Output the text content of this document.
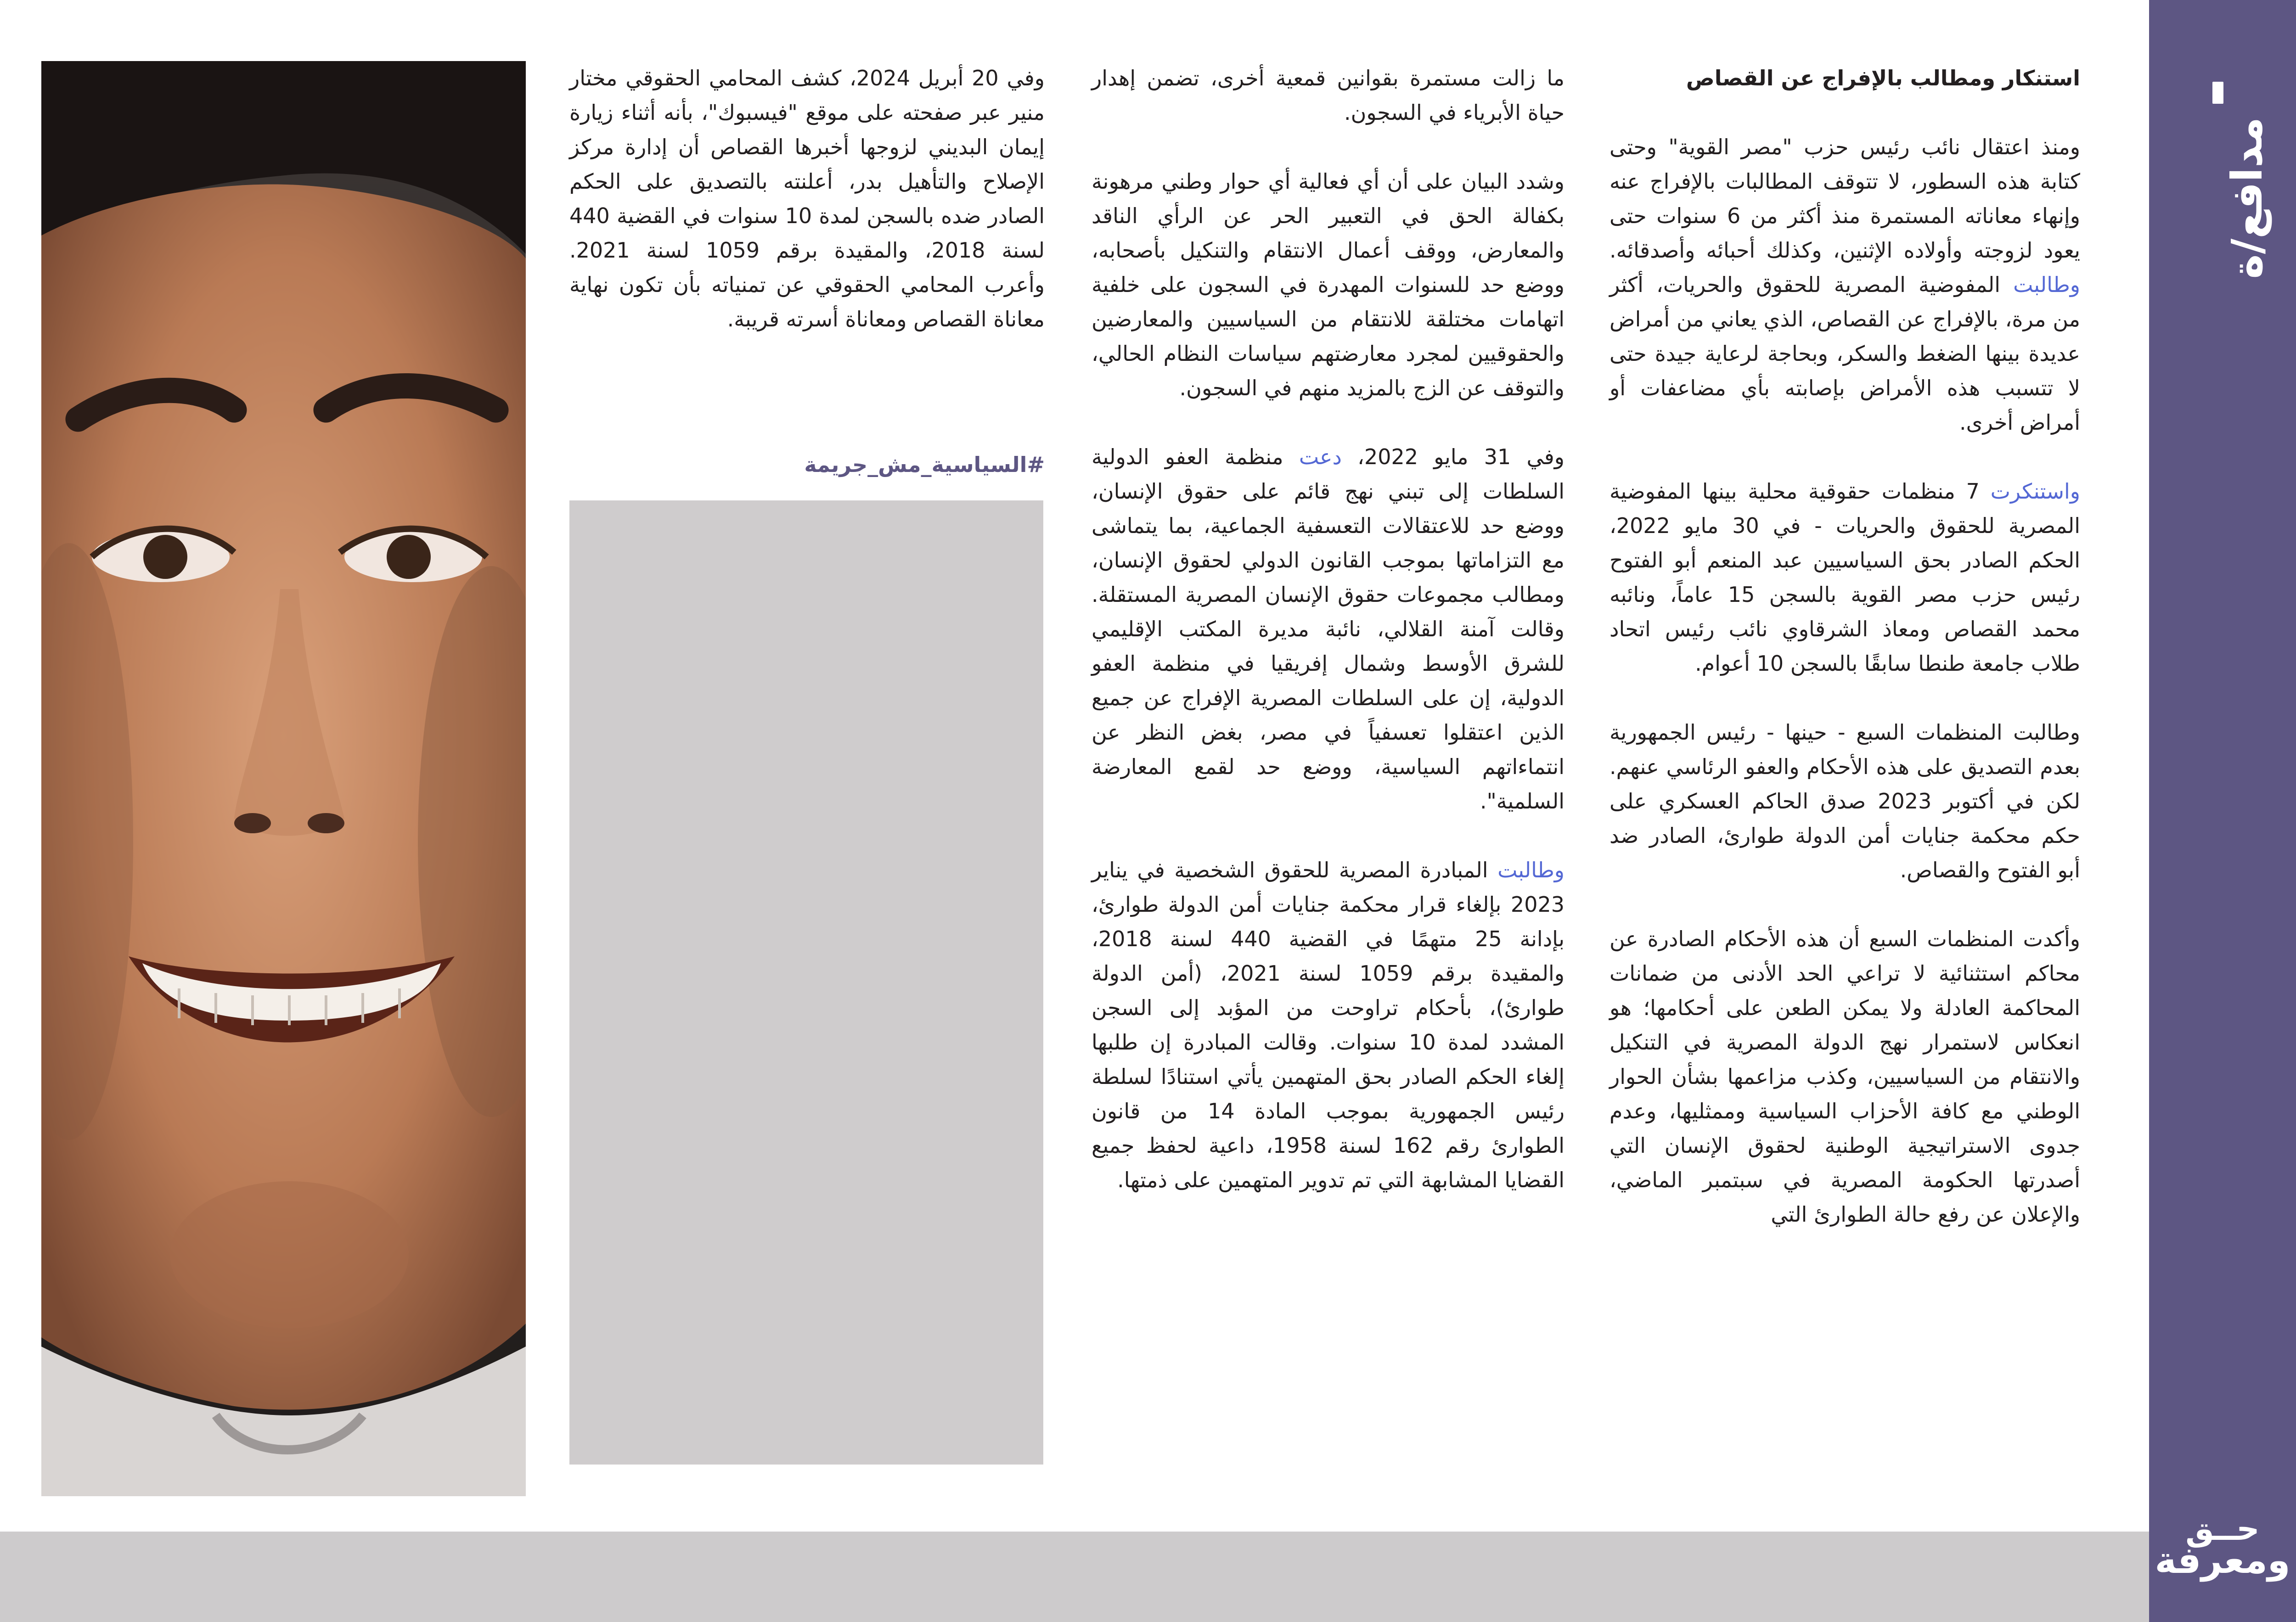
مدافع/ة
حــق
ومعرفة

استنكار ومطالب بالإفراج عن القصاص

ومنذ اعتقال نائب رئيس حزب "مصر القوية" وحتى كتابة هذه السطور، لا تتوقف المطالبات بالإفراج عنه وإنهاء معاناته المستمرة منذ أكثر من 6 سنوات حتى يعود لزوجته وأولاده الإثنين، وكذلك أحبائه وأصدقائه. وطالبت المفوضية المصرية للحقوق والحريات، أكثر من مرة، بالإفراج عن القصاص، الذي يعاني من أمراض عديدة بينها الضغط والسكر، وبحاجة لرعاية جيدة حتى لا تتسبب هذه الأمراض بإصابته بأي مضاعفات أو أمراض أخرى.

واستنكرت 7 منظمات حقوقية محلية بينها المفوضية المصرية للحقوق والحريات - في 30 مايو 2022، الحكم الصادر بحق السياسيين عبد المنعم أبو الفتوح رئيس حزب مصر القوية بالسجن 15 عاماً، ونائبه محمد القصاص ومعاذ الشرقاوي نائب رئيس اتحاد طلاب جامعة طنطا سابقًا بالسجن 10 أعوام.

وطالبت المنظمات السبع - حينها - رئيس الجمهورية بعدم التصديق على هذه الأحكام والعفو الرئاسي عنهم. لكن في أكتوبر 2023 صدق الحاكم العسكري على حكم محكمة جنايات أمن الدولة طوارئ، الصادر ضد أبو الفتوح والقصاص.

وأكدت المنظمات السبع أن هذه الأحكام الصادرة عن محاكم استثنائية لا تراعي الحد الأدنى من ضمانات المحاكمة العادلة ولا يمكن الطعن على أحكامها؛ هو انعكاس لاستمرار نهج الدولة المصرية في التنكيل والانتقام من السياسيين، وكذب مزاعمها بشأن الحوار الوطني مع كافة الأحزاب السياسية وممثليها، وعدم جدوى الاستراتيجية الوطنية لحقوق الإنسان التي أصدرتها الحكومة المصرية في سبتمبر الماضي، والإعلان عن رفع حالة الطوارئ التي

ما زالت مستمرة بقوانين قمعية أخرى، تضمن إهدار حياة الأبرياء في السجون.

وشدد البيان على أن أي فعالية أي حوار وطني مرهونة بكفالة الحق في التعبير الحر عن الرأي الناقد والمعارض، ووقف أعمال الانتقام والتنكيل بأصحابه، ووضع حد للسنوات المهدرة في السجون على خلفية اتهامات مختلقة للانتقام من السياسيين والمعارضين والحقوقيين لمجرد معارضتهم سياسات النظام الحالي، والتوقف عن الزج بالمزيد منهم في السجون.

وفي 31 مايو 2022، دعت منظمة العفو الدولية السلطات إلى تبني نهج قائم على حقوق الإنسان، ووضع حد للاعتقالات التعسفية الجماعية، بما يتماشى مع التزاماتها بموجب القانون الدولي لحقوق الإنسان، ومطالب مجموعات حقوق الإنسان المصرية المستقلة. وقالت آمنة القلالي، نائبة مديرة المكتب الإقليمي للشرق الأوسط وشمال إفريقيا في منظمة العفو الدولية، إن على السلطات المصرية الإفراج عن جميع الذين اعتقلوا تعسفياً في مصر، بغض النظر عن انتماءاتهم السياسية، ووضع حد لقمع المعارضة السلمية".

وطالبت المبادرة المصرية للحقوق الشخصية في يناير 2023 بإلغاء قرار محكمة جنايات أمن الدولة طوارئ، بإدانة 25 متهمًا في القضية 440 لسنة 2018، والمقيدة برقم 1059 لسنة 2021، (أمن الدولة طوارئ)، بأحكام تراوحت من المؤبد إلى السجن المشدد لمدة 10 سنوات. وقالت المبادرة إن طلبها إلغاء الحكم الصادر بحق المتهمين يأتي استنادًا لسلطة رئيس الجمهورية بموجب المادة 14 من قانون الطوارئ رقم 162 لسنة 1958، داعية لحفظ جميع القضايا المشابهة التي تم تدوير المتهمين على ذمتها.

وفي 20 أبريل 2024، كشف المحامي الحقوقي مختار منير عبر صفحته على موقع "فيسبوك"، بأنه أثناء زيارة إيمان البديني لزوجها أخبرها القصاص أن إدارة مركز الإصلاح والتأهيل بدر، أعلنته بالتصديق على الحكم الصادر ضده بالسجن لمدة 10 سنوات في القضية 440 لسنة 2018، والمقيدة برقم 1059 لسنة 2021. وأعرب المحامي الحقوقي عن تمنياته بأن تكون نهاية معاناة القصاص ومعاناة أسرته قريبة.

#السياسية_مش_جريمة
